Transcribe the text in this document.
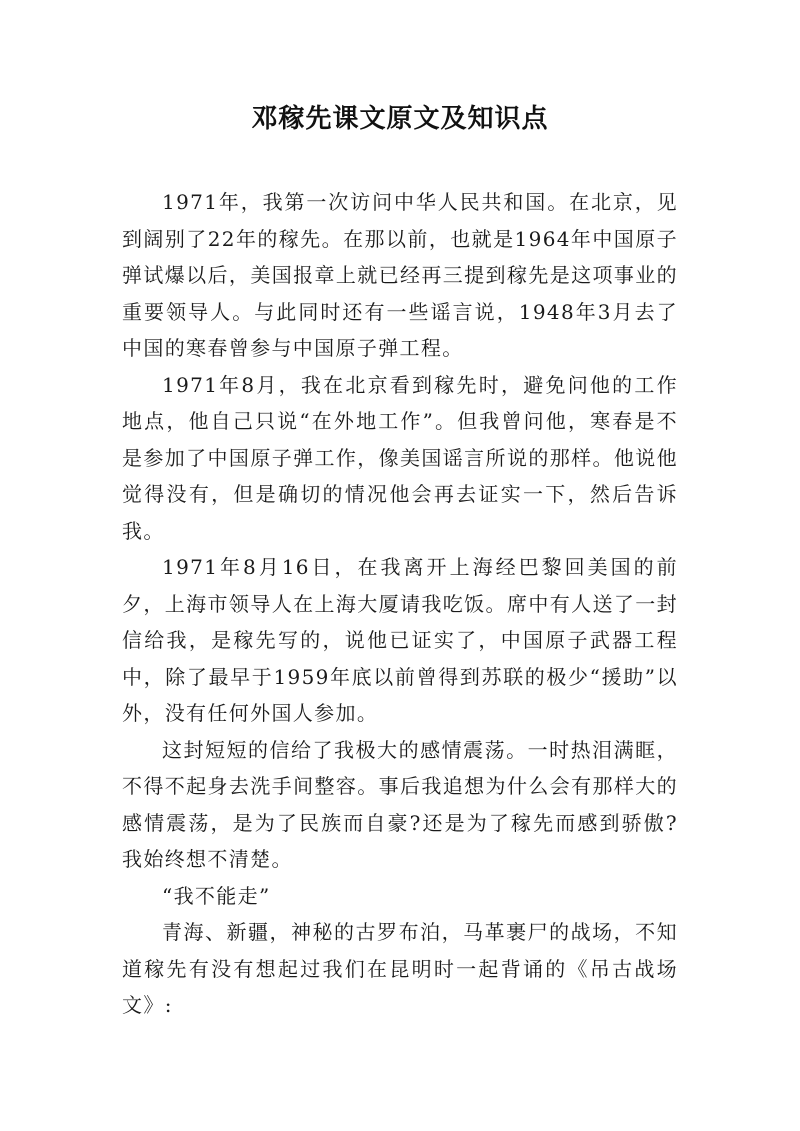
邓稼先课文原文及知识点

1971年，我第一次访问中华人民共和国。在北京，见到阔别了22年的稼先。在那以前，也就是1964年中国原子弹试爆以后，美国报章上就已经再三提到稼先是这项事业的重要领导人。与此同时还有一些谣言说，1948年3月去了中国的寒春曾参与中国原子弹工程。

1971年8月，我在北京看到稼先时，避免问他的工作地点，他自己只说“在外地工作”。但我曾问他，寒春是不是参加了中国原子弹工作，像美国谣言所说的那样。他说他觉得没有，但是确切的情况他会再去证实一下，然后告诉我。

1971年8月16日，在我离开上海经巴黎回美国的前夕，上海市领导人在上海大厦请我吃饭。席中有人送了一封信给我，是稼先写的，说他已证实了，中国原子武器工程中，除了最早于1959年底以前曾得到苏联的极少“援助”以外，没有任何外国人参加。

这封短短的信给了我极大的感情震荡。一时热泪满眶，不得不起身去洗手间整容。事后我追想为什么会有那样大的感情震荡，是为了民族而自豪?还是为了稼先而感到骄傲?我始终想不清楚。

“我不能走”

青海、新疆，神秘的古罗布泊，马革裹尸的战场，不知道稼先有没有想起过我们在昆明时一起背诵的《吊古战场文》:
